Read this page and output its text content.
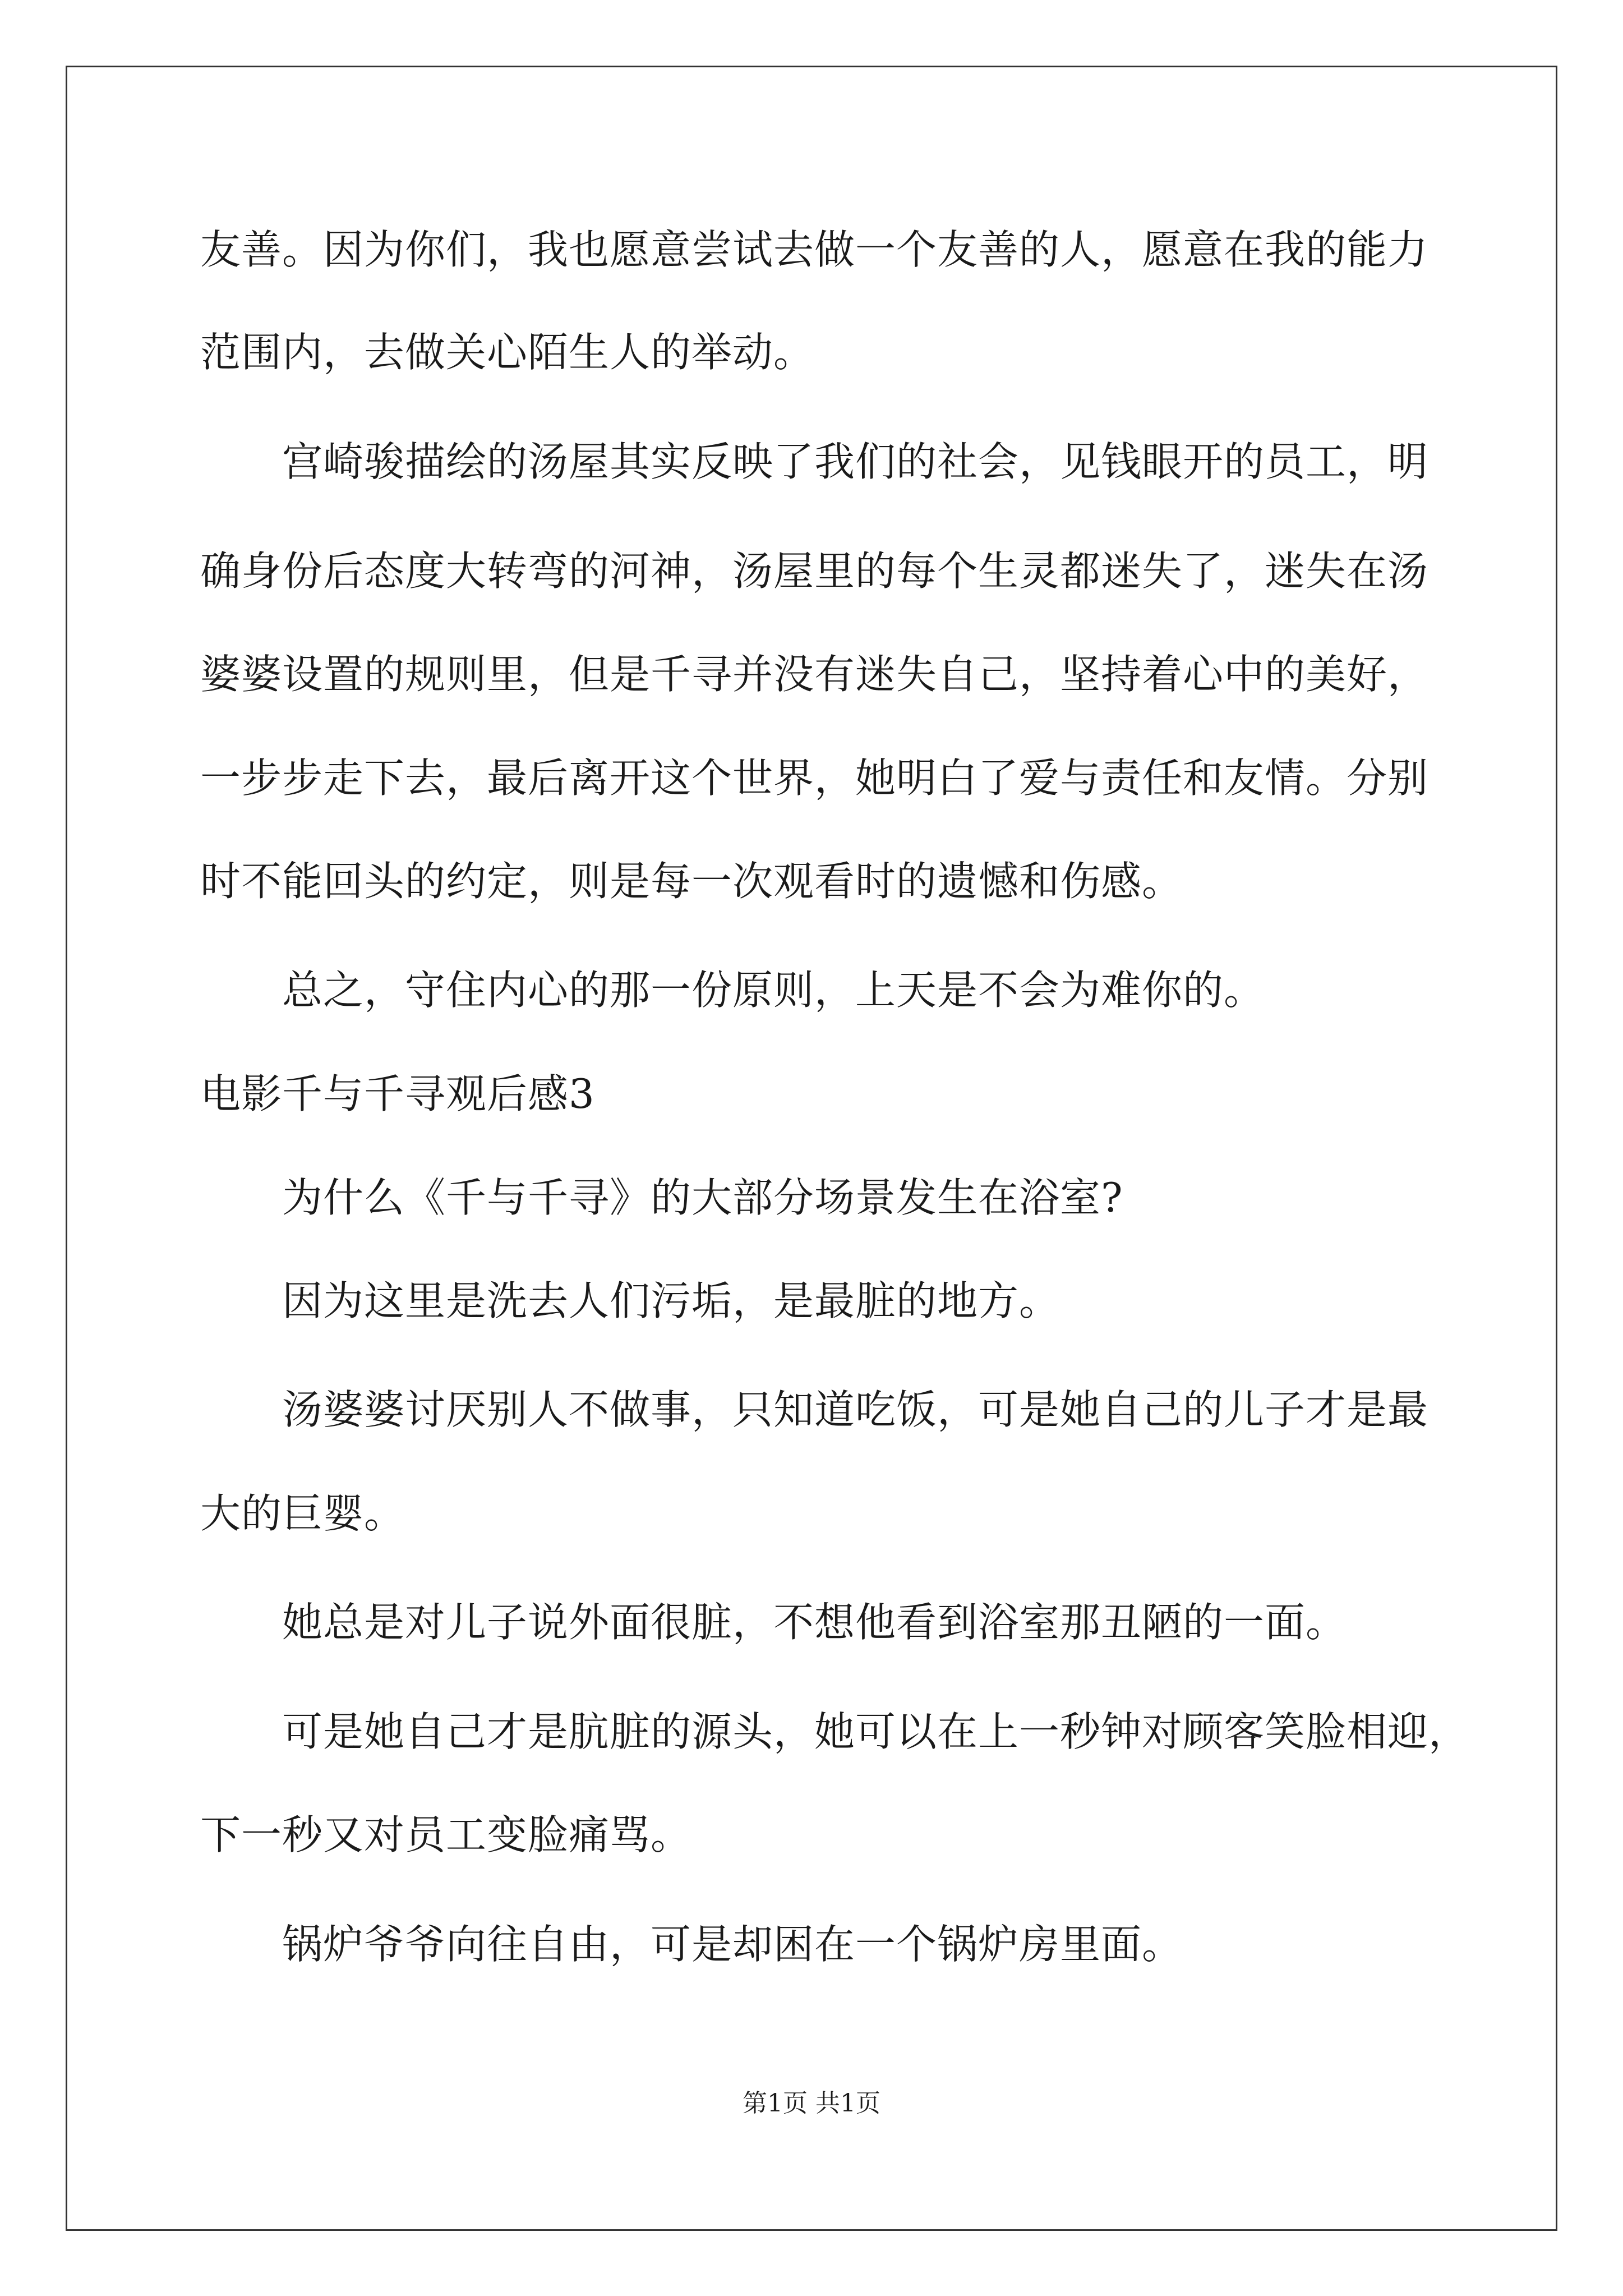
友善。因为你们，我也愿意尝试去做一个友善的人，愿意在我的能力
范围内，去做关心陌生人的举动。
宫崎骏描绘的汤屋其实反映了我们的社会，见钱眼开的员工，明
确身份后态度大转弯的河神，汤屋里的每个生灵都迷失了，迷失在汤
婆婆设置的规则里，但是千寻并没有迷失自己，坚持着心中的美好，
一步步走下去，最后离开这个世界，她明白了爱与责任和友情。分别
时不能回头的约定，则是每一次观看时的遗憾和伤感。
总之，守住内心的那一份原则，上天是不会为难你的。
电影千与千寻观后感3
为什么《千与千寻》的大部分场景发生在浴室?
因为这里是洗去人们污垢，是最脏的地方。
汤婆婆讨厌别人不做事，只知道吃饭，可是她自己的儿子才是最
大的巨婴。
她总是对儿子说外面很脏，不想他看到浴室那丑陋的一面。
可是她自己才是肮脏的源头，她可以在上一秒钟对顾客笑脸相迎，
下一秒又对员工变脸痛骂。
锅炉爷爷向往自由，可是却困在一个锅炉房里面。
第1页 共1页
